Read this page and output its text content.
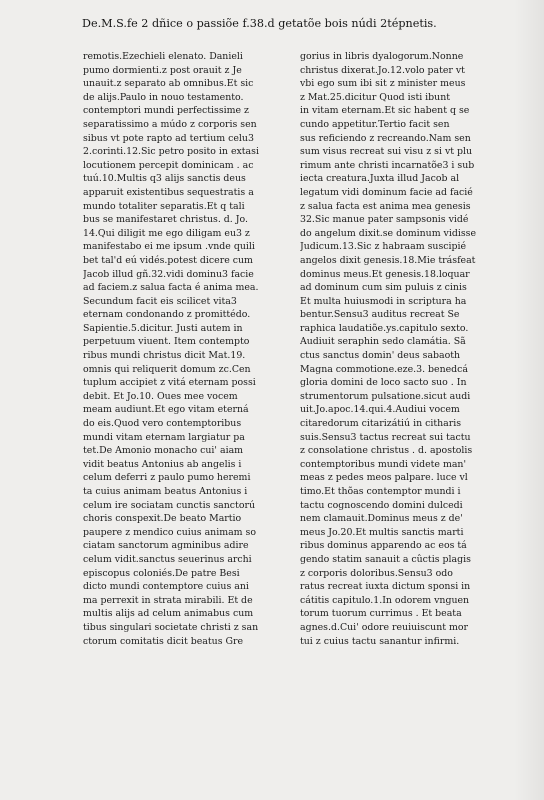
De.M.S.fe 2 dñice o passiõe f.38.d getatõe bois núdi 2tépnetis.
remotis.Ezechieli elenato. Danieli
pumo dormienti.z post orauit z Je
unauit.z separato ab omnibus.Et sic
de alijs.Paulo in nouo testamento.
contemptori mundi perfectissime z
separatissimo a múdo z corporis sen
sibus vt pote rapto ad tertium celu3
2.corinti.12.Sic petro posito in extasi
locutionem percepit dominicam . ac
tuú.10.Multis q3 alijs sanctis deus
apparuit existentibus sequestratis a
mundo totaliter separatis.Et q tali
bus se manifestaret christus. d. Jo.
14.Qui diligit me ego diligam eu3 z
manifestabo ei me ipsum .vnde quili
bet tal'd eú vidés.potest dicere cum
Jacob illud gñ.32.vidi dominu3 facie
ad faciem.z salua facta é anima mea.
Secundum facit eis scilicet vita3
eternam condonando z promittédo.
Sapientie.5.dicitur. Justi autem in
perpetuum viuent. Item contempto
ribus mundi christus dicit Mat.19.
omnis qui reliquerit domum zc.Cen
tuplum accipiet z vitá eternam possi
debit. Et Jo.10. Oues mee vocem
meam audiunt.Et ego vitam eterná
do eis.Quod vero contemptoribus
mundi vitam eternam largiatur pa
tet.De Amonio monacho cui' aiam
vidit beatus Antonius ab angelis i
celum deferri z paulo pumo heremi
ta cuius animam beatus Antonius i
celum ire sociatam cunctis sanctorú
choris conspexit.De beato Martio
paupere z mendico cuius animam so
ciatam sanctorum agminibus adire
celum vidit.sanctus seuerinus archi
episcopus coloniés.De patre Besi
dicto mundi contemptore cuius ani
ma perrexit in strata mirabili. Et de
multis alijs ad celum animabus cum
tibus singulari societate christi z san
ctorum comitatis dicit beatus Gre
gorius in libris dyalogorum.Nonne
christus dixerat.Jo.12.volo pater vt
vbi ego sum ibi sit z minister meus
z Mat.25.dicitur Quod isti ibunt
in vitam eternam.Et sic habent q se
cundo appetitur.Tertio facit sen
sus reficiendo z recreando.Nam sen
sum visus recreat sui visu z si vt plu
rimum ante christi incarnatõe3 i sub
iecta creatura.Juxta illud Jacob al
legatum vidi dominum facie ad facié
z salua facta est anima mea genesis
32.Sic manue pater sampsonis vidé
do angelum dixit.se dominum vidisse
Judicum.13.Sic z habraam suscipié
angelos dixit genesis.18.Mie trásfeat
dominus meus.Et genesis.18.loquar
ad dominum cum sim puluis z cinis
Et multa huiusmodi in scriptura ha
bentur.Sensu3 auditus recreat Se
raphica laudatiõe.ys.capitulo sexto.
Audiuit seraphin sedo clamátia. Sã
ctus sanctus domin' deus sabaoth
Magna commotione.eze.3. benedcá
gloria domini de loco sacto suo . In
strumentorum pulsatione.sicut audi
uit.Jo.apoc.14.qui.4.Audiui vocem
citaredorum citarizátiú in citharis
suis.Sensu3 tactus recreat sui tactu
z consolatione christus . d. apostolis
contemptoribus mundi videte man'
meas z pedes meos palpare. luce vl
timo.Et thõas contemptor mundi i
tactu cognoscendo domini dulcedi
nem clamauit.Dominus meus z de'
meus Jo.20.Et multis sanctis marti
ribus dominus apparendo ac eos tá
gendo statim sanauit a cûctis plagis
z corporis doloribus.Sensu3 odo
ratus recreat iuxta dictum sponsi in
cátitis capitulo.1.In odorem vnguen
torum tuorum currimus . Et beata
agnes.d.Cui' odore reuiuiscunt mor
tui z cuius tactu sanantur infirmi.
